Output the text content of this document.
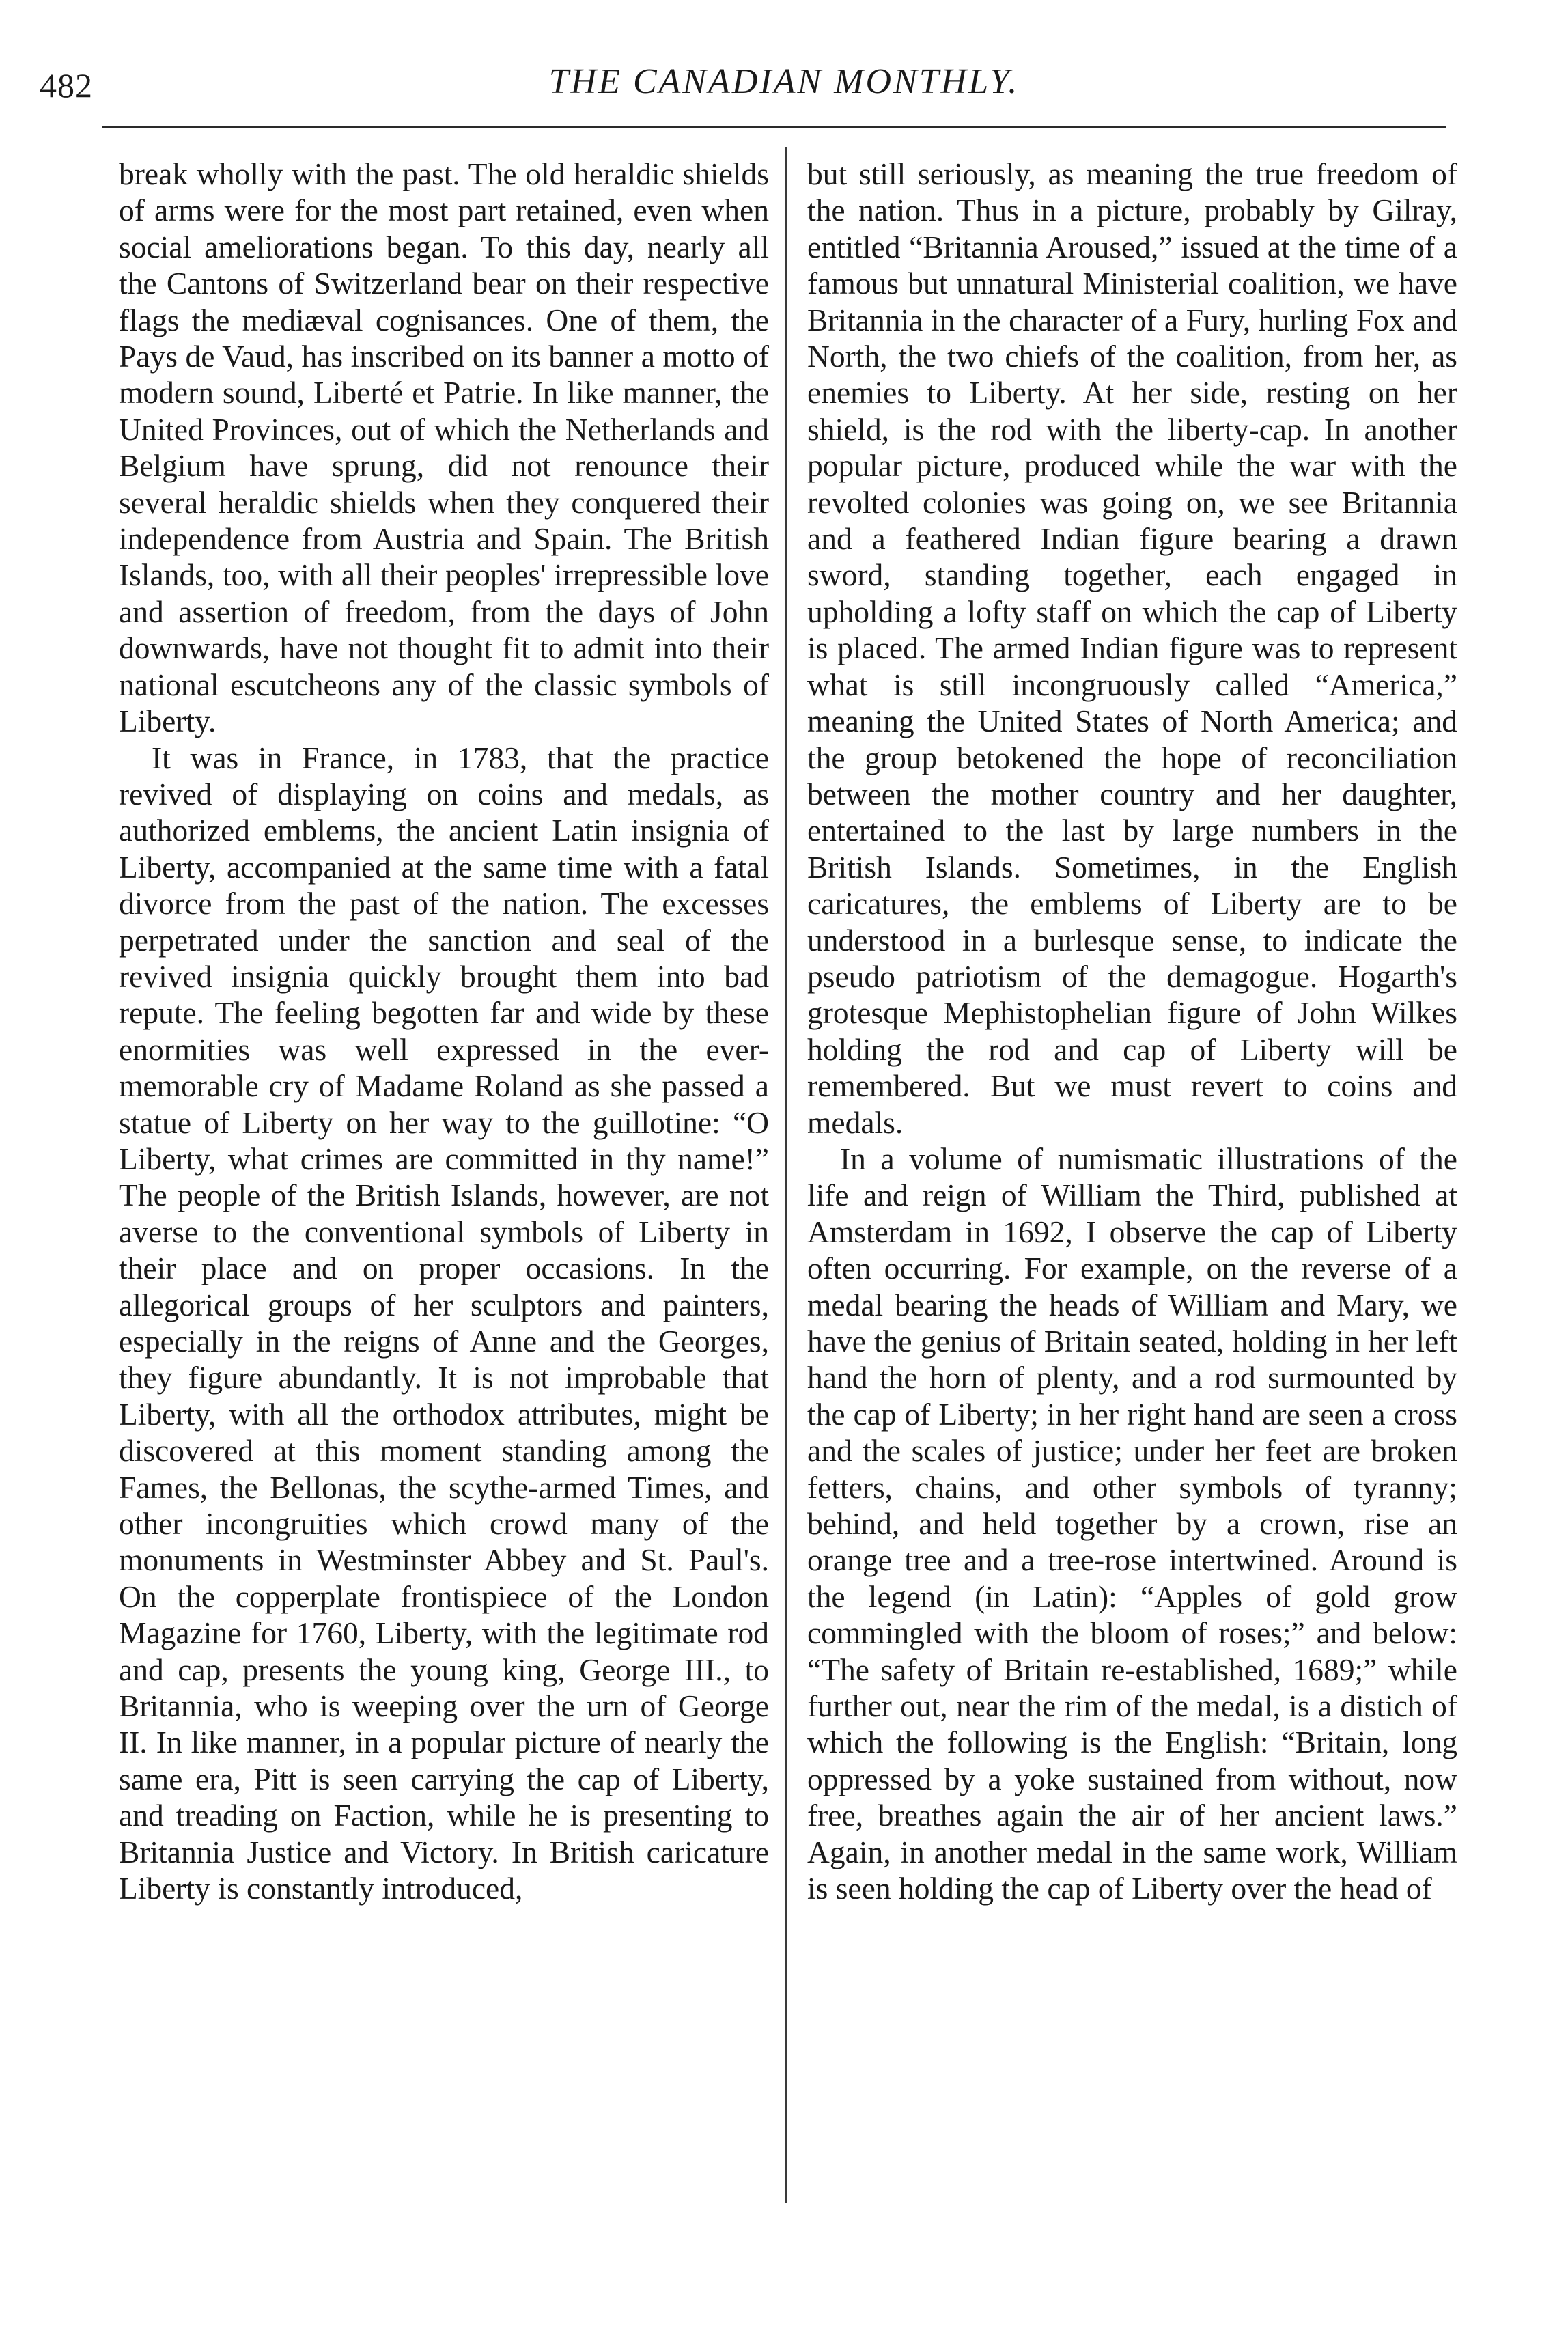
482	THE CANADIAN MONTHLY.

break wholly with the past. The old heraldic shields of arms were for the most part retained, even when social ameliorations began. To this day, nearly all the Cantons of Switzerland bear on their respective flags the mediæval cognisances. One of them, the Pays de Vaud, has inscribed on its banner a motto of modern sound, Liberté et Patrie. In like manner, the United Provinces, out of which the Netherlands and Belgium have sprung, did not renounce their several heraldic shields when they conquered their independence from Austria and Spain. The British Islands, too, with all their peoples' irrepressible love and assertion of freedom, from the days of John downwards, have not thought fit to admit into their national escutcheons any of the classic symbols of Liberty.

It was in France, in 1783, that the practice revived of displaying on coins and medals, as authorized emblems, the ancient Latin insignia of Liberty, accompanied at the same time with a fatal divorce from the past of the nation. The excesses perpetrated under the sanction and seal of the revived insignia quickly brought them into bad repute. The feeling begotten far and wide by these enormities was well expressed in the ever-memorable cry of Madame Roland as she passed a statue of Liberty on her way to the guillotine: “O Liberty, what crimes are committed in thy name!” The people of the British Islands, however, are not averse to the conventional symbols of Liberty in their place and on proper occasions. In the allegorical groups of her sculptors and painters, especially in the reigns of Anne and the Georges, they figure abundantly. It is not improbable that Liberty, with all the orthodox attributes, might be discovered at this moment standing among the Fames, the Bellonas, the scythe-armed Times, and other incongruities which crowd many of the monuments in Westminster Abbey and St. Paul's. On the copperplate frontispiece of the London Magazine for 1760, Liberty, with the legitimate rod and cap, presents the young king, George III., to Britannia, who is weeping over the urn of George II. In like manner, in a popular picture of nearly the same era, Pitt is seen carrying the cap of Liberty, and treading on Faction, while he is presenting to Britannia Justice and Victory. In British caricature Liberty is constantly introduced,

but still seriously, as meaning the true freedom of the nation. Thus in a picture, probably by Gilray, entitled “Britannia Aroused,” issued at the time of a famous but unnatural Ministerial coalition, we have Britannia in the character of a Fury, hurling Fox and North, the two chiefs of the coalition, from her, as enemies to Liberty. At her side, resting on her shield, is the rod with the liberty-cap. In another popular picture, produced while the war with the revolted colonies was going on, we see Britannia and a feathered Indian figure bearing a drawn sword, standing together, each engaged in upholding a lofty staff on which the cap of Liberty is placed. The armed Indian figure was to represent what is still incongruously called “America,” meaning the United States of North America; and the group betokened the hope of reconciliation between the mother country and her daughter, entertained to the last by large numbers in the British Islands. Sometimes, in the English caricatures, the emblems of Liberty are to be understood in a burlesque sense, to indicate the pseudo patriotism of the demagogue. Hogarth's grotesque Mephistophelian figure of John Wilkes holding the rod and cap of Liberty will be remembered. But we must revert to coins and medals.

In a volume of numismatic illustrations of the life and reign of William the Third, published at Amsterdam in 1692, I observe the cap of Liberty often occurring. For example, on the reverse of a medal bearing the heads of William and Mary, we have the genius of Britain seated, holding in her left hand the horn of plenty, and a rod surmounted by the cap of Liberty; in her right hand are seen a cross and the scales of justice; under her feet are broken fetters, chains, and other symbols of tyranny; behind, and held together by a crown, rise an orange tree and a tree-rose intertwined. Around is the legend (in Latin): “Apples of gold grow commingled with the bloom of roses;” and below: “The safety of Britain re-established, 1689;” while further out, near the rim of the medal, is a distich of which the following is the English: “Britain, long oppressed by a yoke sustained from without, now free, breathes again the air of her ancient laws.” Again, in another medal in the same work, William is seen holding the cap of Liberty over the head of
